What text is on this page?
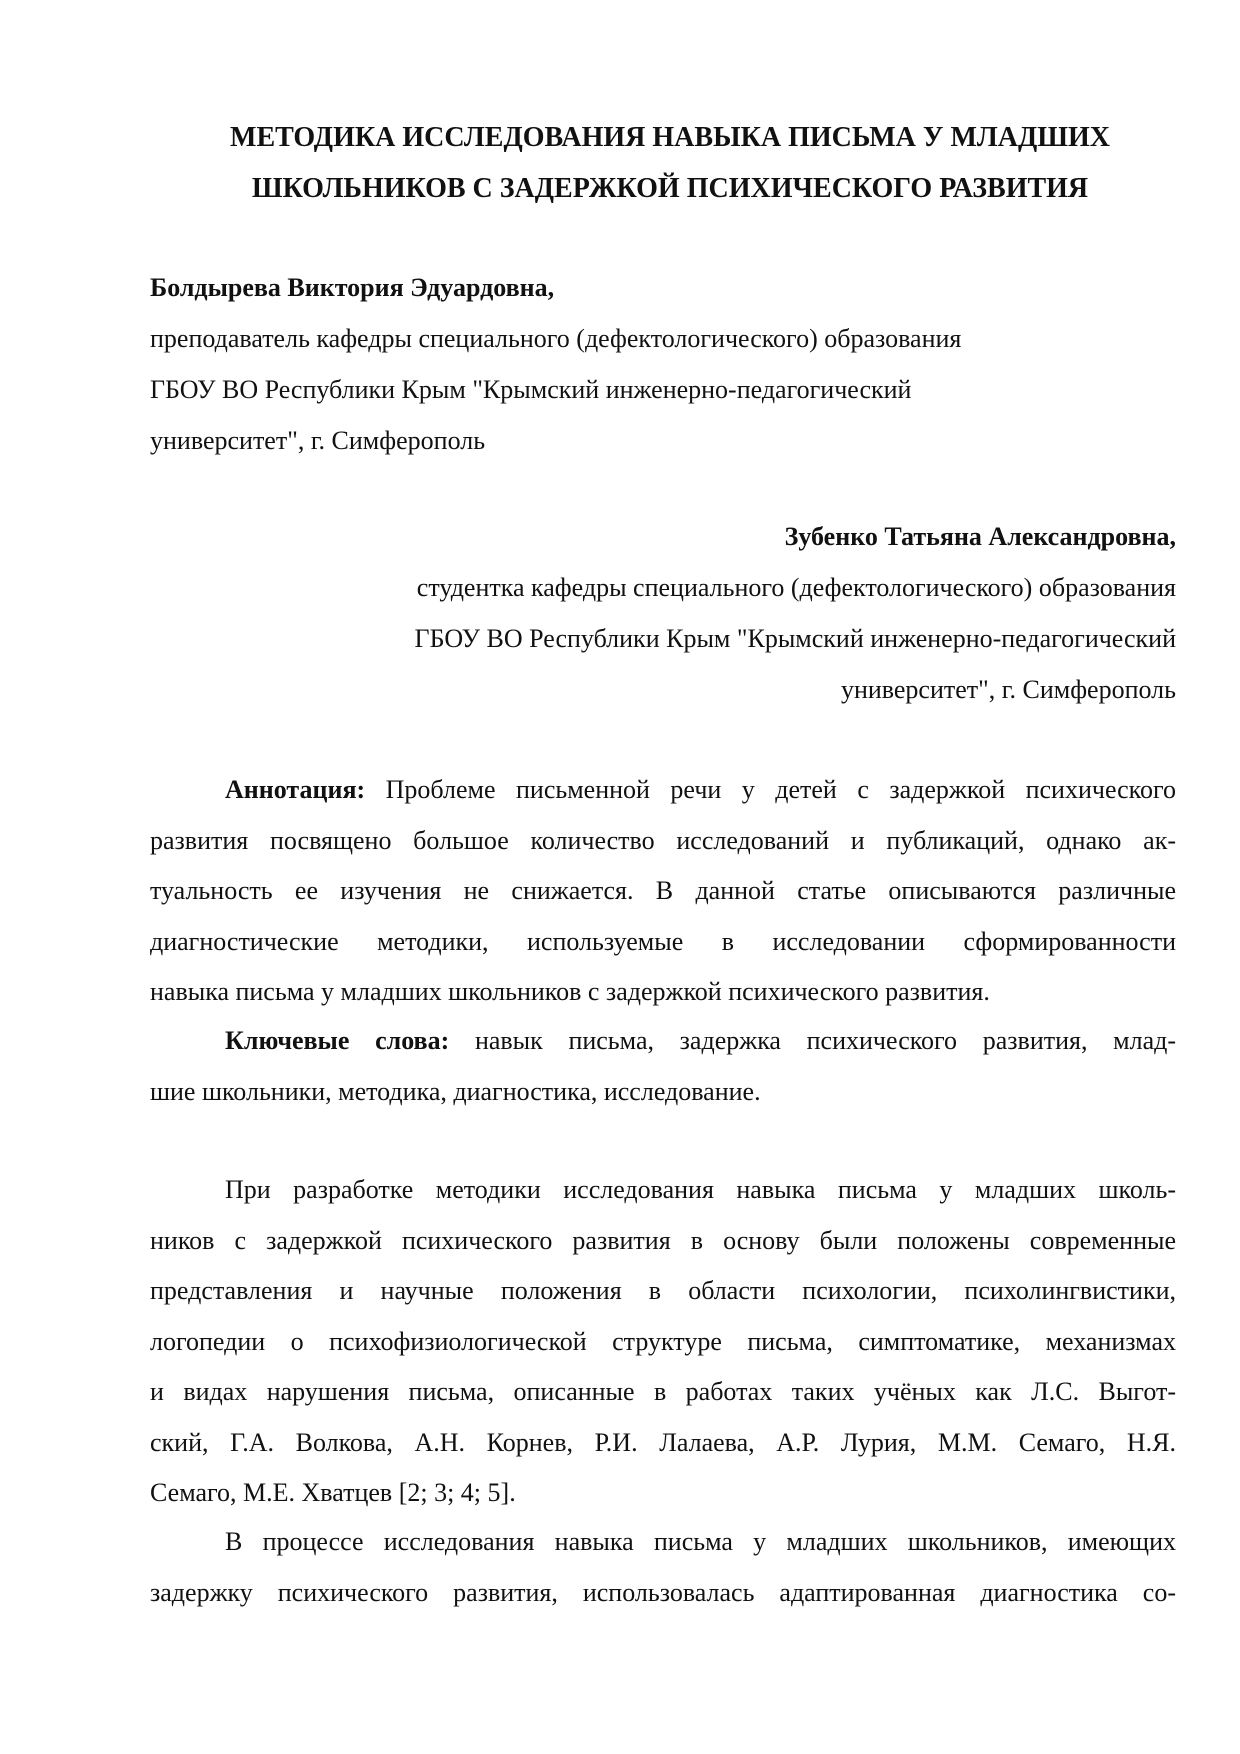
МЕТОДИКА ИССЛЕДОВАНИЯ НАВЫКА ПИСЬМА У МЛАДШИХ
ШКОЛЬНИКОВ С ЗАДЕРЖКОЙ ПСИХИЧЕСКОГО РАЗВИТИЯ
Болдырева Виктория Эдуардовна,
преподаватель кафедры специального (дефектологического) образования
ГБОУ ВО Республики Крым "Крымский инженерно-педагогический
университет", г. Симферополь
Зубенко Татьяна Александровна,
студентка кафедры специального (дефектологического) образования
ГБОУ ВО Республики Крым "Крымский инженерно-педагогический
университет", г. Симферополь
Аннотация: Проблеме письменной речи у детей с задержкой психического
развития посвящено большое количество исследований и публикаций, однако ак-
туальность ее изучения не снижается. В данной статье описываются различные
диагностические методики, используемые в исследовании сформированности
навыка письма у младших школьников с задержкой психического развития.
Ключевые слова: навык письма, задержка психического развития, млад-
шие школьники, методика, диагностика, исследование.
При разработке методики исследования навыка письма у младших школь-
ников с задержкой психического развития в основу были положены современные
представления и научные положения в области психологии, психолингвистики,
логопедии о психофизиологической структуре письма, симптоматике, механизмах
и видах нарушения письма, описанные в работах таких учёных как Л.С. Выгот-
ский, Г.А. Волкова, А.Н. Корнев, Р.И. Лалаева, А.Р. Лурия, М.М. Семаго, Н.Я.
Семаго, М.Е. Хватцев [2; 3; 4; 5].
В процессе исследования навыка письма у младших школьников, имеющих
задержку психического развития, использовалась адаптированная диагностика со-
